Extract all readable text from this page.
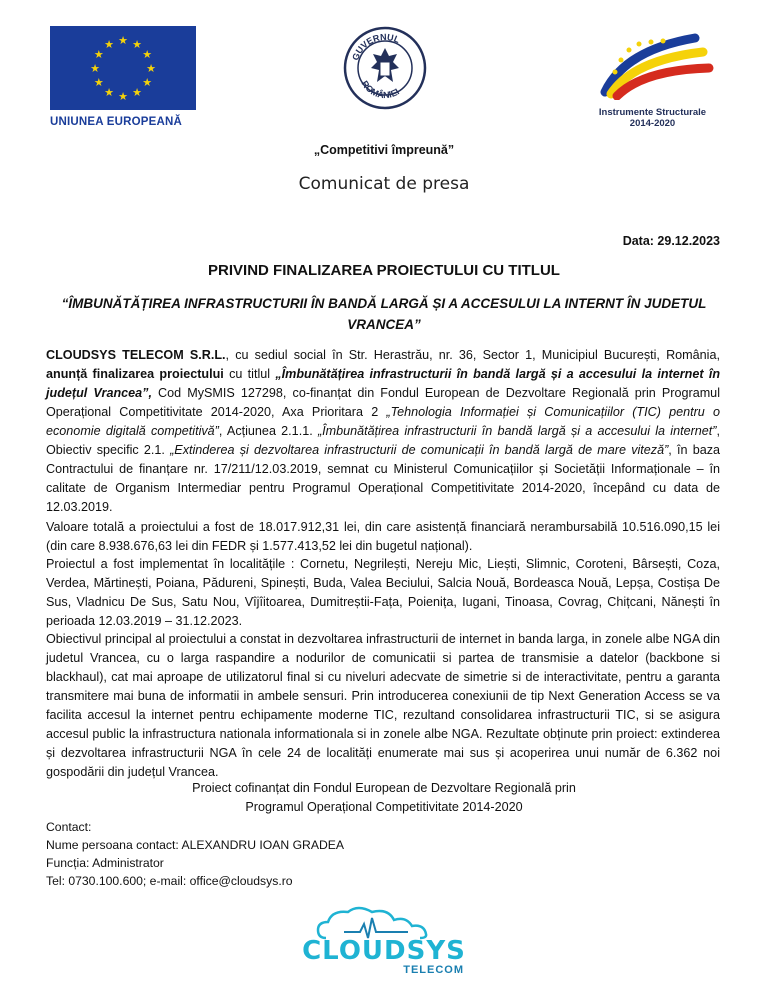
★ ★
★
★
★
★
★
★
★
★
★
★
UNIUNEA EUROPEANĂ
GUVERNUL
ROMÂNIEI
Instrumente Structurale
2014-2020
„Competitivi împreună”
Comunicat de presa
Data: 29.12.2023
PRIVIND FINALIZAREA PROIECTULUI CU TITLUL
“ÎMBUNĂTĂȚIREA INFRASTRUCTURII ÎN BANDĂ LARGĂ ȘI A ACCESULUI LA INTERNT ÎN JUDETUL VRANCEA”
CLOUDSYS TELECOM S.R.L., cu sediul social în Str. Herastrău, nr. 36, Sector 1, Municipiul București, România, anunță finalizarea proiectului cu titlul „Îmbunătățirea infrastructurii în bandă largă și a accesului la internet în județul Vrancea”, Cod MySMIS 127298, co-finanțat din Fondul European de Dezvoltare Regională prin Programul Operațional Competitivitate 2014-2020, Axa Prioritara 2 „Tehnologia Informației și Comunicațiilor (TIC) pentru o economie digitală competitivă”, Acțiunea 2.1.1. „Îmbunătățirea infrastructurii în bandă largă și a accesului la internet”, Obiectiv specific 2.1. „Extinderea și dezvoltarea infrastructurii de comunicații în bandă largă de mare viteză”, în baza Contractului de finanțare nr. 17/211/12.03.2019, semnat cu Ministerul Comunicațiilor și Societății Informaționale – în calitate de Organism Intermediar pentru Programul Operațional Competitivitate 2014-2020, începând cu data de 12.03.2019.
Valoare totală a proiectului a fost de 18.017.912,31 lei, din care asistență financiară nerambursabilă 10.516.090,15 lei (din care 8.938.676,63 lei din FEDR și 1.577.413,52 lei din bugetul național).
Proiectul a fost implementat în localitățile : Cornetu, Negrilești, Nereju Mic, Liești, Slimnic, Coroteni, Bârsești, Coza, Verdea, Mărtinești, Poiana, Pădureni, Spinești, Buda, Valea Beciului, Salcia Nouă, Bordeasca Nouă, Lepșa, Costișa De Sus, Vladnicu De Sus, Satu Nou, Vîjîitoarea, Dumitreștii-Fața, Poienița, Iugani, Tinoasa, Covrag, Chițcani, Nănești în perioada 12.03.2019 – 31.12.2023.
Obiectivul principal al proiectului a constat in dezvoltarea infrastructurii de internet in banda larga, in zonele albe NGA din judetul Vrancea, cu o larga raspandire a nodurilor de comunicatii si partea de transmisie a datelor (backbone si blackhaul), cat mai aproape de utilizatorul final si cu niveluri adecvate de simetrie si de interactivitate, pentru a garanta transmitere mai buna de informatii in ambele sensuri. Prin introducerea conexiunii de tip Next Generation Access se va facilita accesul la internet pentru echipamente moderne TIC, rezultand consolidarea infrastructurii TIC, si se asigura accesul public la infrastructura nationala informationala si in zonele albe NGA. Rezultate obținute prin proiect: extinderea și dezvoltarea infrastructurii NGA în cele 24 de localități enumerate mai sus și acoperirea unui număr de 6.362 noi gospodării din județul Vrancea.
Proiect cofinanțat din Fondul European de Dezvoltare Regională prin
Programul Operațional Competitivitate 2014-2020
Contact:
Nume persoana contact: ALEXANDRU IOAN GRADEA
Funcția: Administrator
Tel: 0730.100.600; e-mail: office@cloudsys.ro
CLOUDSYS
TELECOM
